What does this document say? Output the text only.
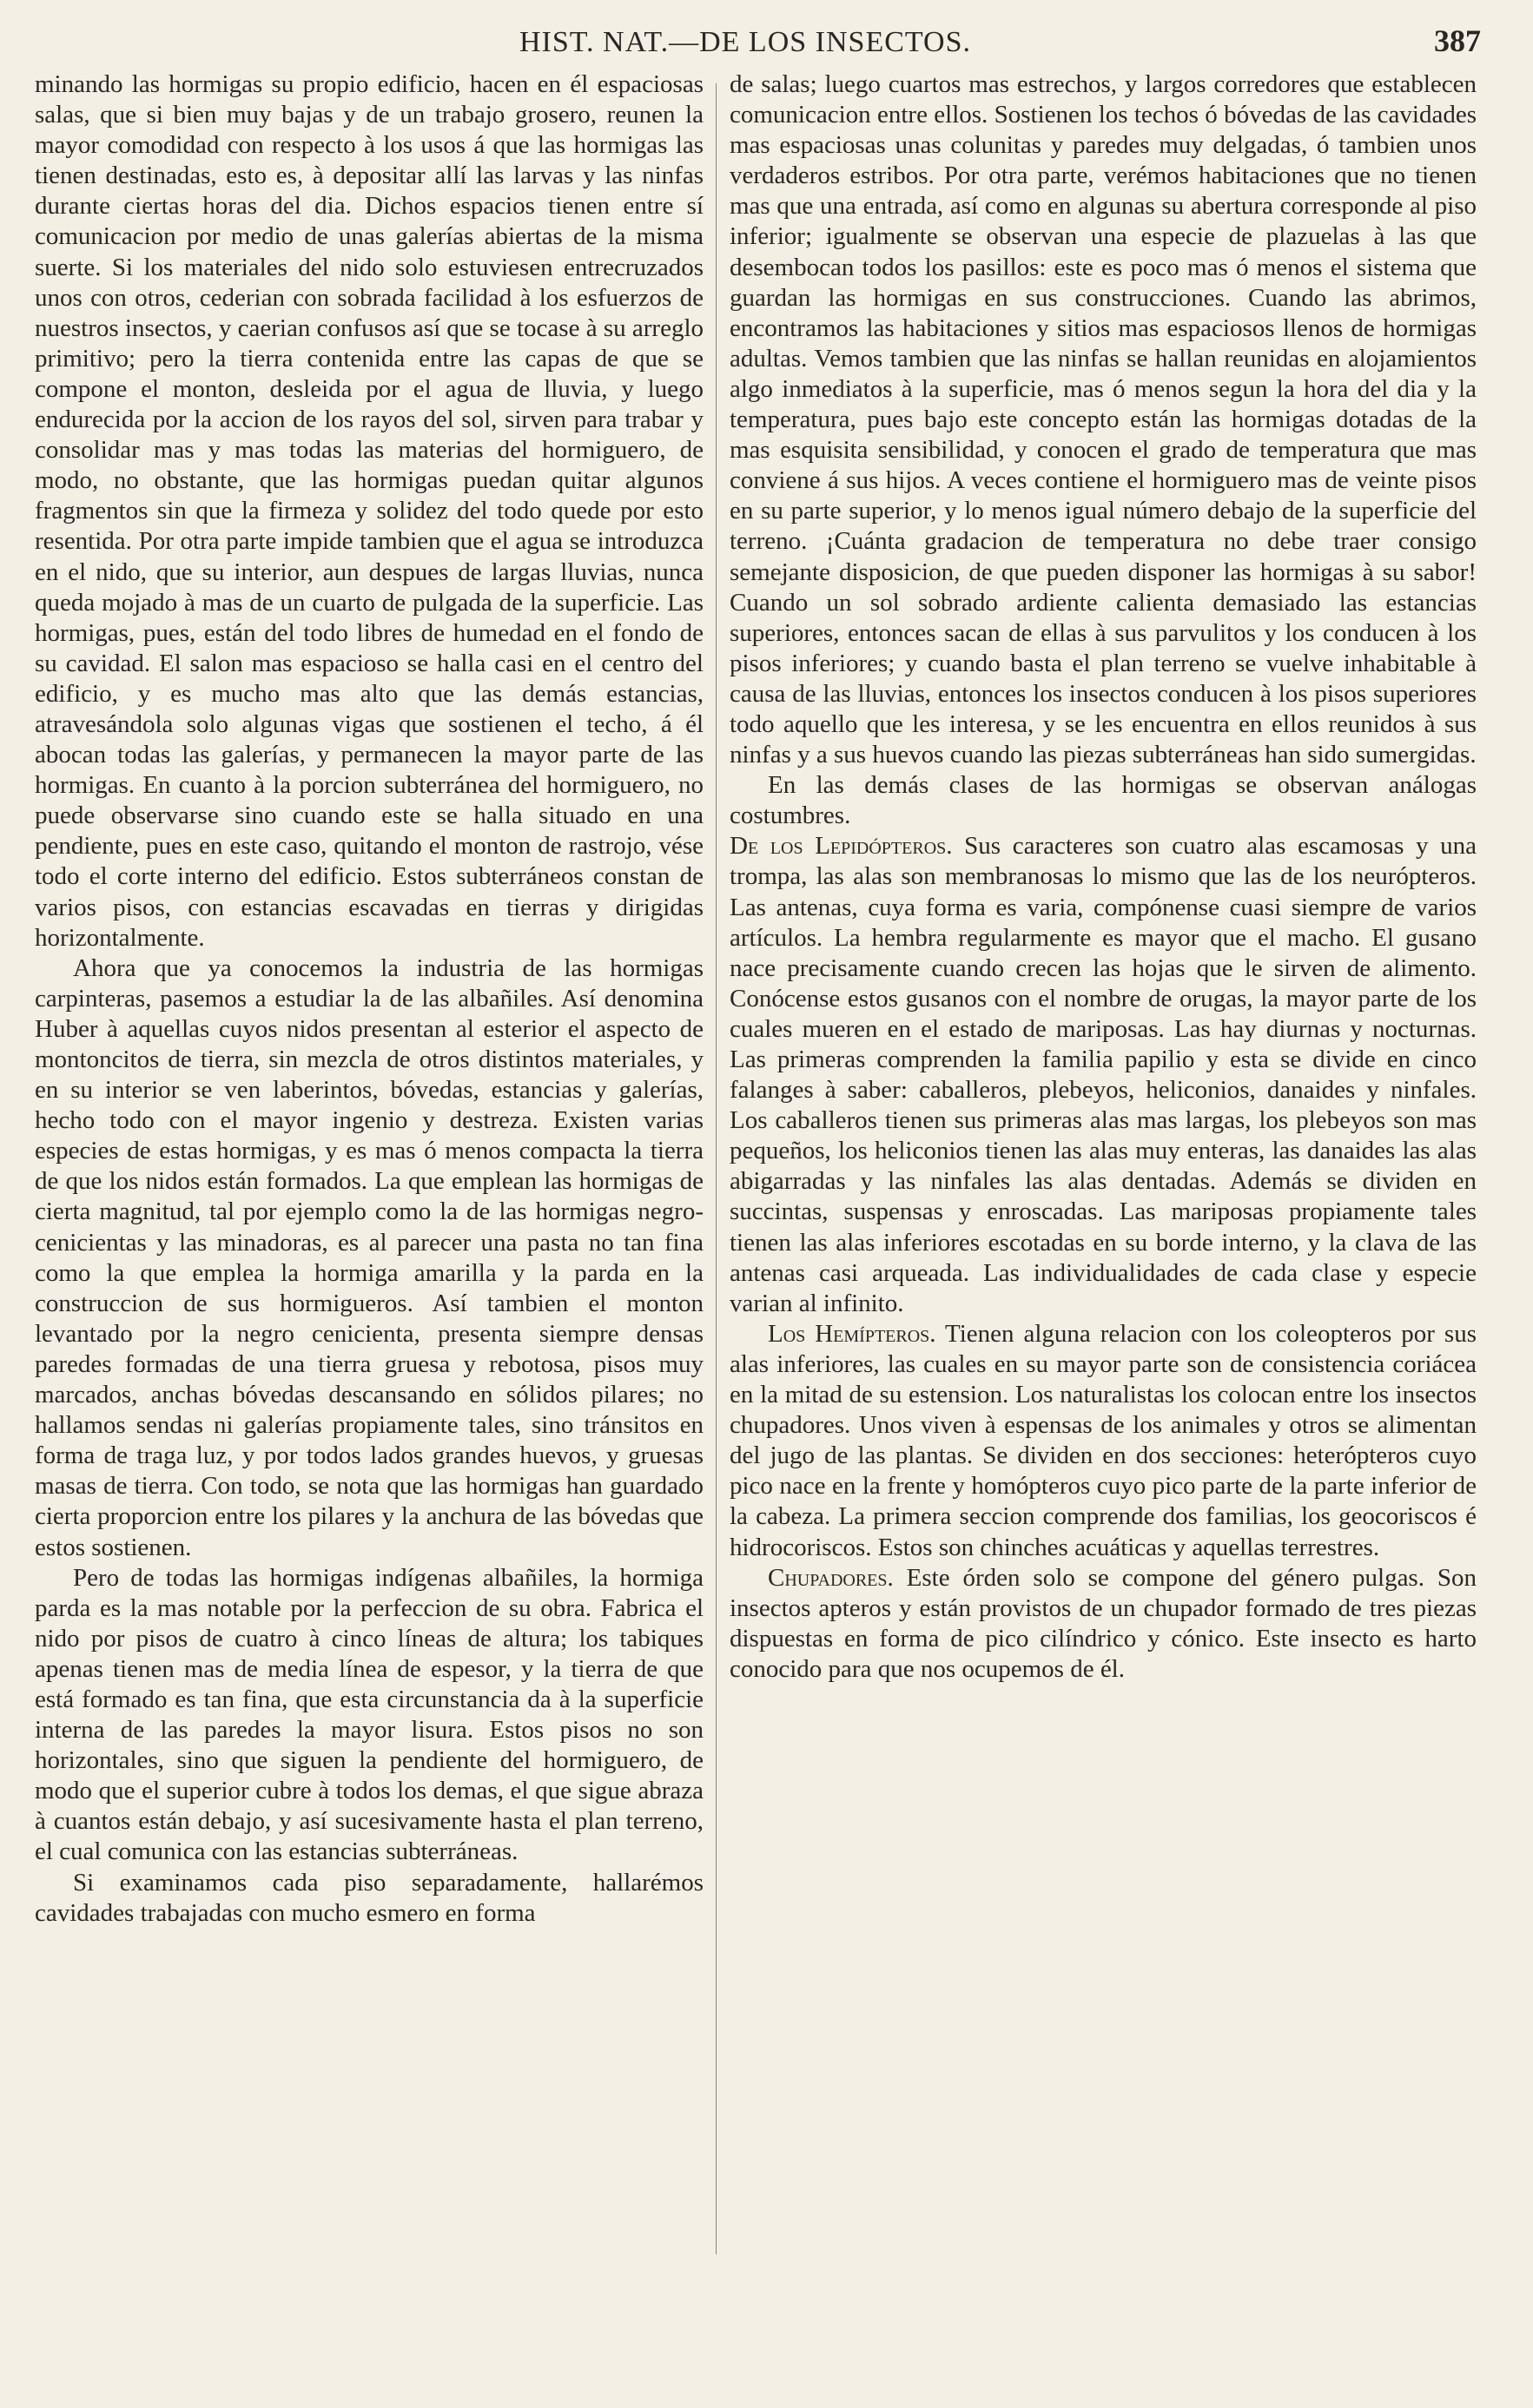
HIST. NAT.—DE LOS INSECTOS.	387

minando las hormigas su propio edificio, hacen en él espaciosas salas, que si bien muy bajas y de un trabajo grosero, reunen la mayor comodidad con respecto à los usos á que las hormigas las tienen destinadas, esto es, à depositar allí las larvas y las ninfas durante ciertas horas del dia. Dichos espacios tienen entre sí comunicacion por medio de unas galerías abiertas de la misma suerte. Si los materiales del nido solo estuviesen entrecruzados unos con otros, cederian con sobrada facilidad à los esfuerzos de nuestros insectos, y caerian confusos así que se tocase à su arreglo primitivo; pero la tierra contenida entre las capas de que se compone el monton, desleida por el agua de lluvia, y luego endurecida por la accion de los rayos del sol, sirven para trabar y consolidar mas y mas todas las materias del hormiguero, de modo, no obstante, que las hormigas puedan quitar algunos fragmentos sin que la firmeza y solidez del todo quede por esto resentida. Por otra parte impide tambien que el agua se introduzca en el nido, que su interior, aun despues de largas lluvias, nunca queda mojado à mas de un cuarto de pulgada de la superficie. Las hormigas, pues, están del todo libres de humedad en el fondo de su cavidad. El salon mas espacioso se halla casi en el centro del edificio, y es mucho mas alto que las demás estancias, atravesándola solo algunas vigas que sostienen el techo, á él abocan todas las galerías, y permanecen la mayor parte de las hormigas. En cuanto à la porcion subterránea del hormiguero, no puede observarse sino cuando este se halla situado en una pendiente, pues en este caso, quitando el monton de rastrojo, vése todo el corte interno del edificio. Estos subterráneos constan de varios pisos, con estancias escavadas en tierras y dirigidas horizontalmente.

Ahora que ya conocemos la industria de las hormigas carpinteras, pasemos a estudiar la de las albañiles. Así denomina Huber à aquellas cuyos nidos presentan al esterior el aspecto de montoncitos de tierra, sin mezcla de otros distintos materiales, y en su interior se ven laberintos, bóvedas, estancias y galerías, hecho todo con el mayor ingenio y destreza. Existen varias especies de estas hormigas, y es mas ó menos compacta la tierra de que los nidos están formados. La que emplean las hormigas de cierta magnitud, tal por ejemplo como la de las hormigas negro-cenicientas y las minadoras, es al parecer una pasta no tan fina como la que emplea la hormiga amarilla y la parda en la construccion de sus hormigueros. Así tambien el monton levantado por la negro cenicienta, presenta siempre densas paredes formadas de una tierra gruesa y rebotosa, pisos muy marcados, anchas bóvedas descansando en sólidos pilares; no hallamos sendas ni galerías propiamente tales, sino tránsitos en forma de traga luz, y por todos lados grandes huevos, y gruesas masas de tierra. Con todo, se nota que las hormigas han guardado cierta proporcion entre los pilares y la anchura de las bóvedas que estos sostienen.

Pero de todas las hormigas indígenas albañiles, la hormiga parda es la mas notable por la perfeccion de su obra. Fabrica el nido por pisos de cuatro à cinco líneas de altura; los tabiques apenas tienen mas de media línea de espesor, y la tierra de que está formado es tan fina, que esta circunstancia da à la superficie interna de las paredes la mayor lisura. Estos pisos no son horizontales, sino que siguen la pendiente del hormiguero, de modo que el superior cubre à todos los demas, el que sigue abraza à cuantos están debajo, y así sucesivamente hasta el plan terreno, el cual comunica con las estancias subterráneas.

Si examinamos cada piso separadamente, hallarémos cavidades trabajadas con mucho esmero en forma

de salas; luego cuartos mas estrechos, y largos corredores que establecen comunicacion entre ellos. Sostienen los techos ó bóvedas de las cavidades mas espaciosas unas colunitas y paredes muy delgadas, ó tambien unos verdaderos estribos. Por otra parte, verémos habitaciones que no tienen mas que una entrada, así como en algunas su abertura corresponde al piso inferior; igualmente se observan una especie de plazuelas à las que desembocan todos los pasillos: este es poco mas ó menos el sistema que guardan las hormigas en sus construcciones. Cuando las abrimos, encontramos las habitaciones y sitios mas espaciosos llenos de hormigas adultas. Vemos tambien que las ninfas se hallan reunidas en alojamientos algo inmediatos à la superficie, mas ó menos segun la hora del dia y la temperatura, pues bajo este concepto están las hormigas dotadas de la mas esquisita sensibilidad, y conocen el grado de temperatura que mas conviene á sus hijos. A veces contiene el hormiguero mas de veinte pisos en su parte superior, y lo menos igual número debajo de la superficie del terreno. ¡Cuánta gradacion de temperatura no debe traer consigo semejante disposicion, de que pueden disponer las hormigas à su sabor! Cuando un sol sobrado ardiente calienta demasiado las estancias superiores, entonces sacan de ellas à sus parvulitos y los conducen à los pisos inferiores; y cuando basta el plan terreno se vuelve inhabitable à causa de las lluvias, entonces los insectos conducen à los pisos superiores todo aquello que les interesa, y se les encuentra en ellos reunidos à sus ninfas y a sus huevos cuando las piezas subterráneas han sido sumergidas.

En las demás clases de las hormigas se observan análogas costumbres.

De los Lepidópteros. Sus caracteres son cuatro alas escamosas y una trompa, las alas son membranosas lo mismo que las de los neurópteros. Las antenas, cuya forma es varia, compónense cuasi siempre de varios artículos. La hembra regularmente es mayor que el macho. El gusano nace precisamente cuando crecen las hojas que le sirven de alimento. Conócense estos gusanos con el nombre de orugas, la mayor parte de los cuales mueren en el estado de mariposas. Las hay diurnas y nocturnas. Las primeras comprenden la familia papilio y esta se divide en cinco falanges à saber: caballeros, plebeyos, heliconios, danaides y ninfales. Los caballeros tienen sus primeras alas mas largas, los plebeyos son mas pequeños, los heliconios tienen las alas muy enteras, las danaides las alas abigarradas y las ninfales las alas dentadas. Además se dividen en succintas, suspensas y enroscadas. Las mariposas propiamente tales tienen las alas inferiores escotadas en su borde interno, y la clava de las antenas casi arqueada. Las individualidades de cada clase y especie varian al infinito.

Los Hemípteros. Tienen alguna relacion con los coleopteros por sus alas inferiores, las cuales en su mayor parte son de consistencia coriácea en la mitad de su estension. Los naturalistas los colocan entre los insectos chupadores. Unos viven à espensas de los animales y otros se alimentan del jugo de las plantas. Se dividen en dos secciones: heterópteros cuyo pico nace en la frente y homópteros cuyo pico parte de la parte inferior de la cabeza. La primera seccion comprende dos familias, los geocoriscos é hidrocoriscos. Estos son chinches acuáticas y aquellas terrestres.

Chupadores. Este órden solo se compone del género pulgas. Son insectos apteros y están provistos de un chupador formado de tres piezas dispuestas en forma de pico cilíndrico y cónico. Este insecto es harto conocido para que nos ocupemos de él.
